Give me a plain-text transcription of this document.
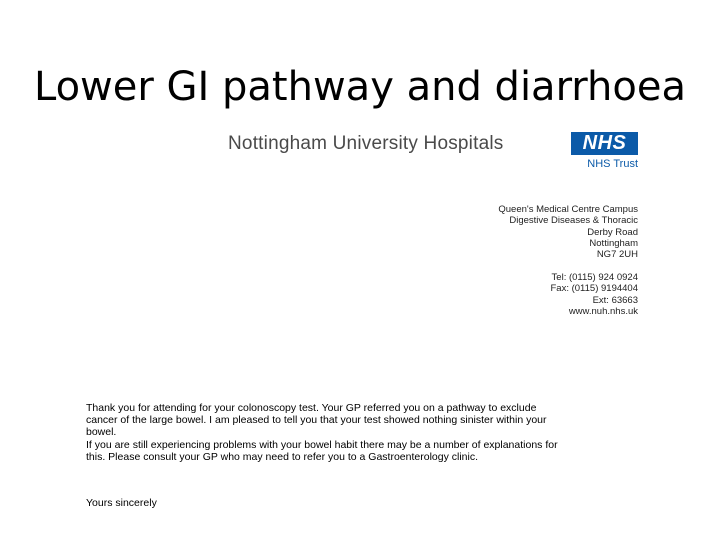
Lower GI pathway and diarrhoea
Nottingham University Hospitals	NHS
NHS Trust
Queen's Medical Centre Campus
Digestive Diseases & Thoracic
Derby Road
Nottingham
NG7 2UH
Tel: (0115) 924 0924
Fax: (0115) 9194404
Ext: 63663
www.nuh.nhs.uk
Thank you for attending for your colonoscopy test. Your GP referred you on a pathway to exclude
cancer of the large bowel. I am pleased to tell you that your test showed nothing sinister within your
bowel.
If you are still experiencing problems with your bowel habit there may be a number of explanations for
this. Please consult your GP who may need to refer you to a Gastroenterology clinic.
Yours sincerely
